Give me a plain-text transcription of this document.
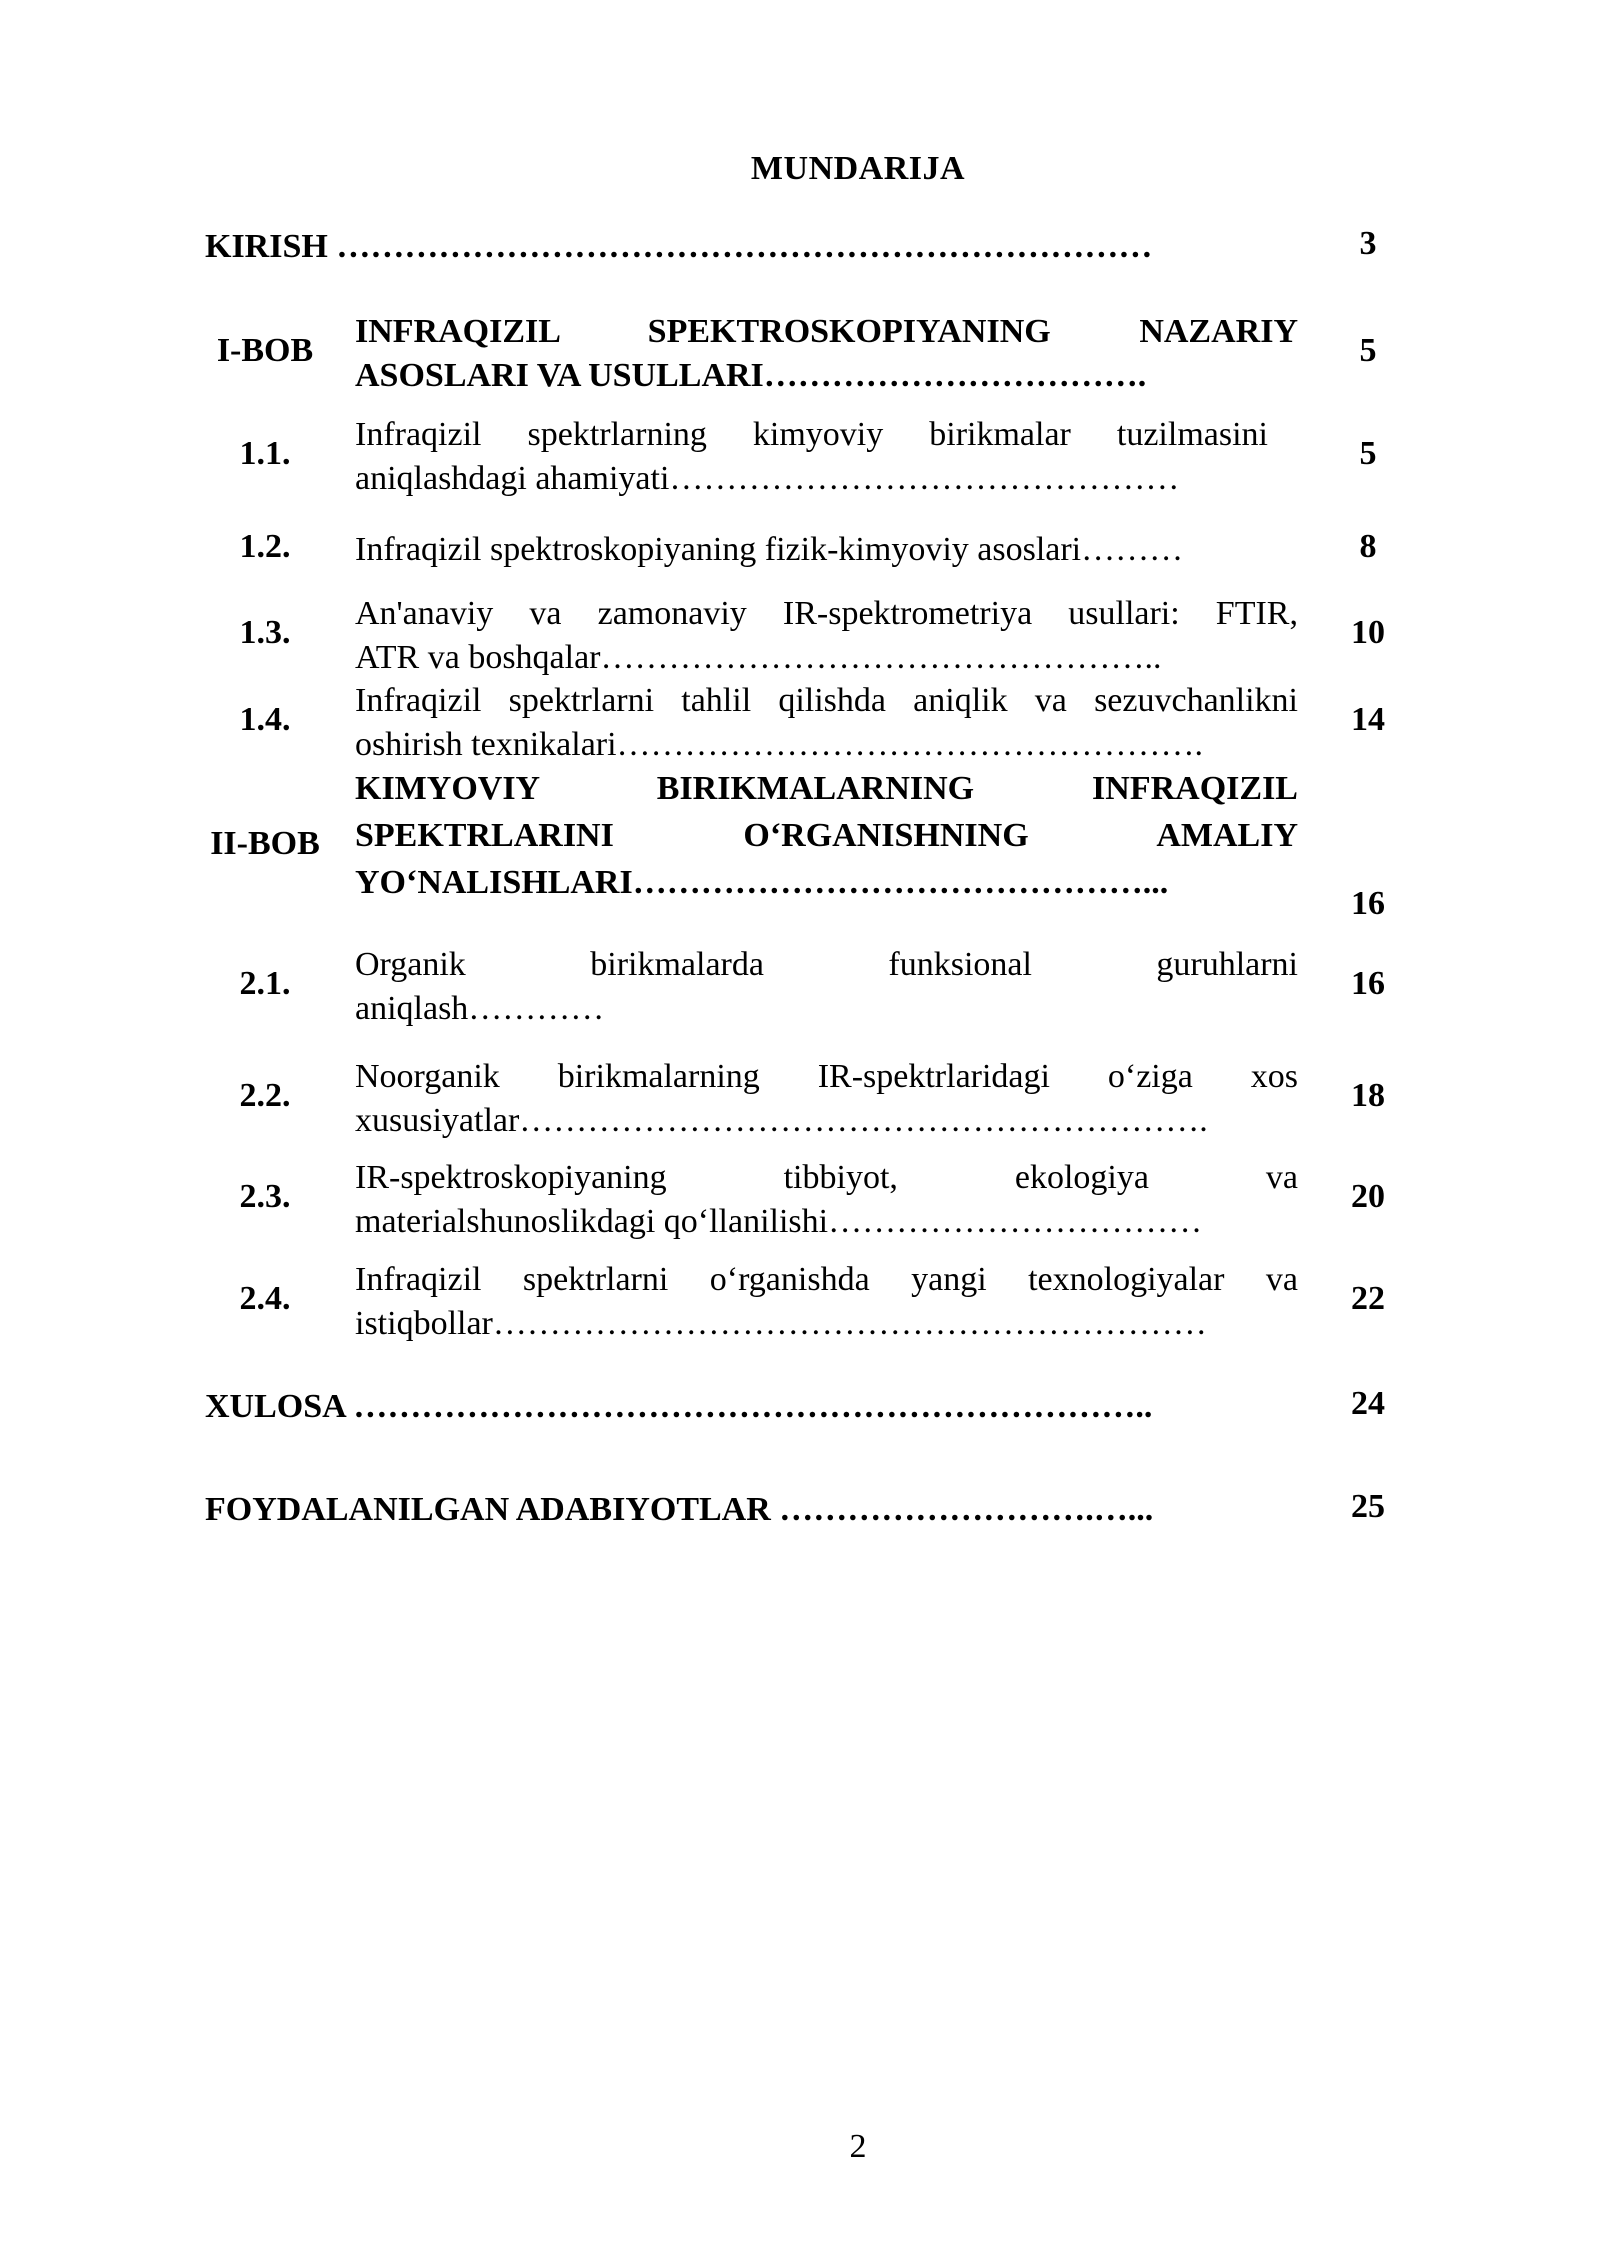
MUNDARIJA
KIRISH ………………………………………………………………	3
I-BOB
INFRAQIZIL SPEKTROSKOPIYANING NAZARIY
ASOSLARI VA USULLARI…………………………….
5
1.1.
Infraqizil spektrlarning kimyoviy birikmalar tuzilmasini
aniqlashdagi ahamiyati………………………………………
5
1.2.	Infraqizil spektroskopiyaning fizik-kimyoviy asoslari………	8
1.3.
An'anaviy va zamonaviy IR-spektrometriya usullari: FTIR,
ATR va boshqalar…………………………………………..
10
1.4.
Infraqizil spektrlarni tahlil qilishda aniqlik va sezuvchanlikni
oshirish texnikalari…………………………………………….
14
II-BOB
KIMYOVIY BIRIKMALARNING INFRAQIZIL
SPEKTRLARINI O‘RGANISHNING AMALIY
YO‘NALISHLARI………………………………………...
16
2.1.
Organik birikmalarda funksional guruhlarni
aniqlash…………
16
2.2.
Noorganik birikmalarning IR-spektrlaridagi o‘ziga xos
xususiyatlar…………………………………………………….
18
2.3.
IR-spektroskopiyaning tibbiyot, ekologiya va
materialshunoslikdagi qo‘llanilishi……………………………
20
2.4.
Infraqizil spektrlarni o‘rganishda yangi texnologiyalar va
istiqbollar………………………………………………………
22
XULOSA ……………………………………………………………..	24
FOYDALANILGAN ADABIYOTLAR ……………………….…...	25
2
